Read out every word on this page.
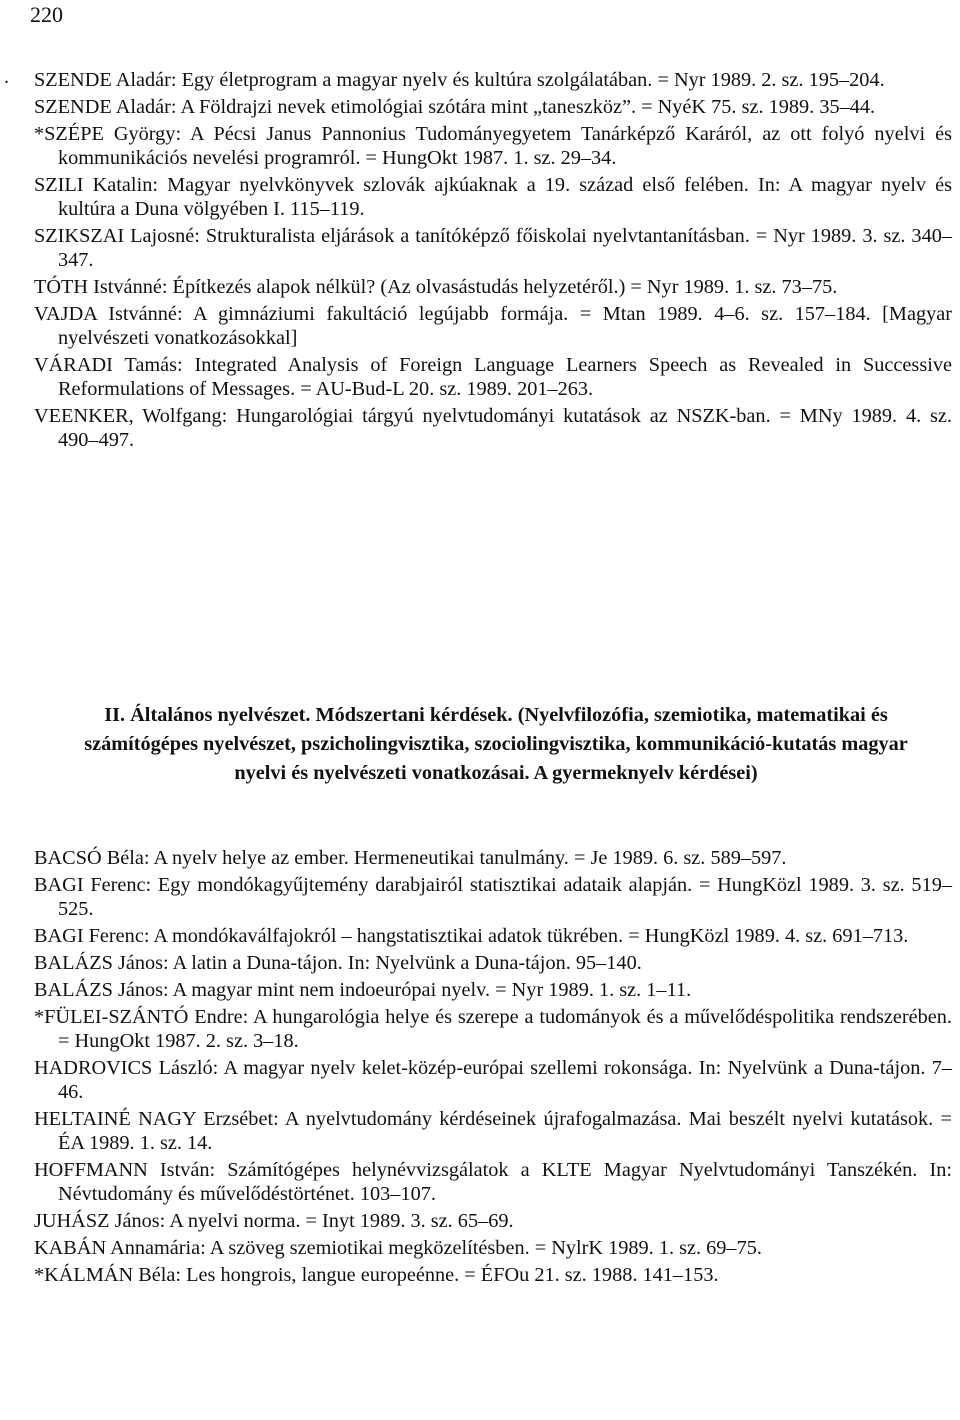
220
. SZENDE Aladár: Egy életprogram a magyar nyelv és kultúra szolgálatában. = Nyr 1989. 2. sz. 195–204.
SZENDE Aladár: A Földrajzi nevek etimológiai szótára mint „taneszköz”. = NyéK 75. sz. 1989. 35–44.
*SZÉPE György: A Pécsi Janus Pannonius Tudományegyetem Tanárképző Karáról, az ott folyó nyelvi és kommunikációs nevelési programról. = HungOkt 1987. 1. sz. 29–34.
SZILI Katalin: Magyar nyelvkönyvek szlovák ajkúaknak a 19. század első felében. In: A magyar nyelv és kultúra a Duna völgyében I. 115–119.
SZIKSZAI Lajosné: Strukturalista eljárások a tanítóképző főiskolai nyelvtantanításban. = Nyr 1989. 3. sz. 340–347.
TÓTH Istvánné: Építkezés alapok nélkül? (Az olvasástudás helyzetéről.) = Nyr 1989. 1. sz. 73–75.
VAJDA Istvánné: A gimnáziumi fakultáció legújabb formája. = Mtan 1989. 4–6. sz. 157–184. [Magyar nyelvészeti vonatkozásokkal]
VÁRADI Tamás: Integrated Analysis of Foreign Language Learners Speech as Revealed in Successive Reformulations of Messages. = AU-Bud-L 20. sz. 1989. 201–263.
VEENKER, Wolfgang: Hungarológiai tárgyú nyelvtudományi kutatások az NSZK-ban. = MNy 1989. 4. sz. 490–497.
II. Általános nyelvészet. Módszertani kérdések. (Nyelvfilozófia, szemiotika, matematikai és számítógépes nyelvészet, pszicholingvisztika, szociolingvisztika, kommunikáció-kutatás magyar nyelvi és nyelvészeti vonatkozásai. A gyermeknyelv kérdései)
BACSÓ Béla: A nyelv helye az ember. Hermeneutikai tanulmány. = Je 1989. 6. sz. 589–597.
BAGI Ferenc: Egy mondókagyűjtemény darabjairól statisztikai adataik alapján. = HungKözl 1989. 3. sz. 519–525.
BAGI Ferenc: A mondókaválfajokról – hangstatisztikai adatok tükrében. = HungKözl 1989. 4. sz. 691–713.
BALÁZS János: A latin a Duna-tájon. In: Nyelvünk a Duna-tájon. 95–140.
BALÁZS János: A magyar mint nem indoeurópai nyelv. = Nyr 1989. 1. sz. 1–11.
*FÜLEI-SZÁNTÓ Endre: A hungarológia helye és szerepe a tudományok és a művelődéspolitika rendszerében. = HungOkt 1987. 2. sz. 3–18.
HADROVICS László: A magyar nyelv kelet-közép-európai szellemi rokonsága. In: Nyelvünk a Duna-tájon. 7–46.
HELTAINÉ NAGY Erzsébet: A nyelvtudomány kérdéseinek újrafogalmazása. Mai beszélt nyelvi kutatások. = ÉA 1989. 1. sz. 14.
HOFFMANN István: Számítógépes helynévvizsgálatok a KLTE Magyar Nyelvtudományi Tanszékén. In: Névtudomány és művelődéstörténet. 103–107.
JUHÁSZ János: A nyelvi norma. = Inyt 1989. 3. sz. 65–69.
KABÁN Annamária: A szöveg szemiotikai megközelítésben. = NylrK 1989. 1. sz. 69–75.
*KÁLMÁN Béla: Les hongrois, langue europeénne. = ÉFOu 21. sz. 1988. 141–153.
